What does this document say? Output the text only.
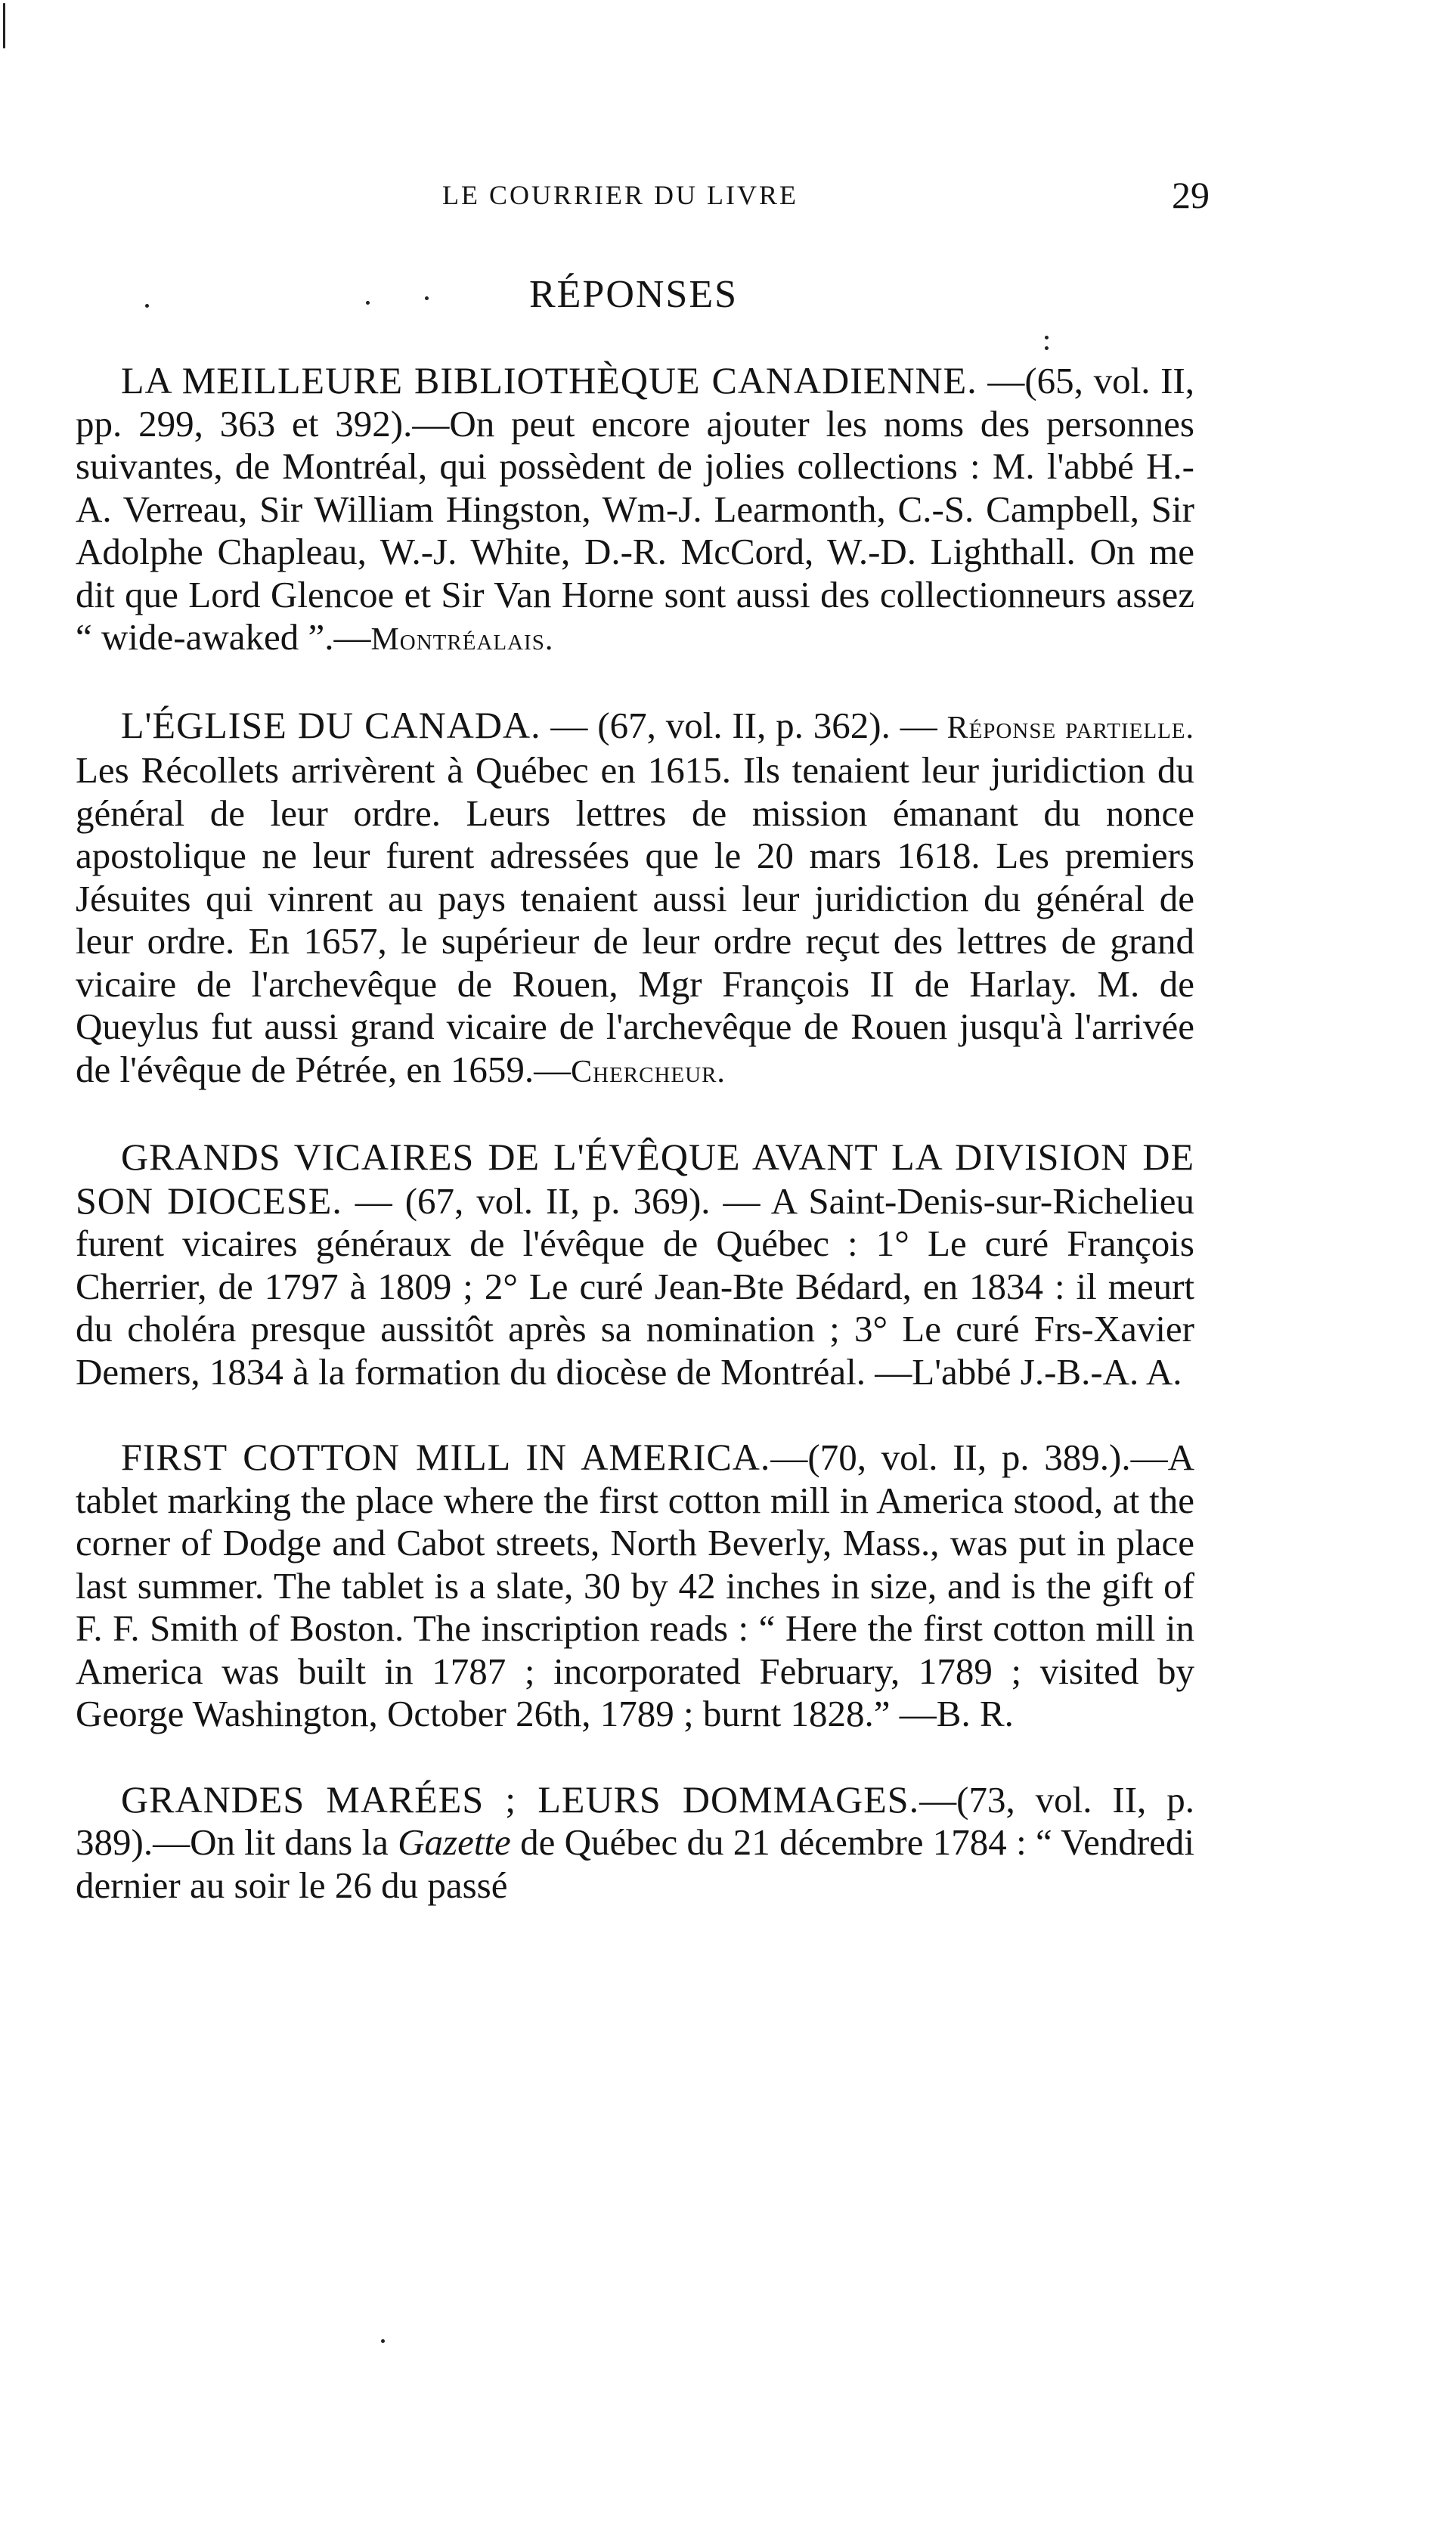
LE COURRIER DU LIVRE	29
RÉPONSES

LA MEILLEURE BIBLIOTHÈQUE CANADIENNE. —(65, vol. II, pp. 299, 363 et 392).—On peut encore ajouter les noms des personnes suivantes, de Montréal, qui possèdent de jolies collections : M. l'abbé H.-A. Verreau, Sir William Hingston, Wm-J. Learmonth, C.-S. Campbell, Sir Adolphe Chapleau, W.-J. White, D.-R. McCord, W.-D. Lighthall. On me dit que Lord Glencoe et Sir Van Horne sont aussi des collectionneurs assez “ wide-awaked ”.—Montréalais.

L'ÉGLISE DU CANADA. — (67, vol. II, p. 362). — Réponse partielle. Les Récollets arrivèrent à Québec en 1615. Ils tenaient leur juridiction du général de leur ordre. Leurs lettres de mission émanant du nonce apostolique ne leur furent adressées que le 20 mars 1618. Les premiers Jésuites qui vinrent au pays tenaient aussi leur juridiction du général de leur ordre. En 1657, le supérieur de leur ordre reçut des lettres de grand vicaire de l'archevêque de Rouen, Mgr François II de Harlay. M. de Queylus fut aussi grand vicaire de l'archevêque de Rouen jusqu'à l'arrivée de l'évêque de Pétrée, en 1659.—Chercheur.

GRANDS VICAIRES DE L'ÉVÊQUE AVANT LA DIVISION DE SON DIOCESE. — (67, vol. II, p. 369). — A Saint-Denis-sur-Richelieu furent vicaires généraux de l'évêque de Québec : 1° Le curé François Cherrier, de 1797 à 1809 ; 2° Le curé Jean-Bte Bédard, en 1834 : il meurt du choléra presque aussitôt après sa nomination ; 3° Le curé Frs-Xavier Demers, 1834 à la formation du diocèse de Montréal. —L'abbé J.-B.-A. A.

FIRST COTTON MILL IN AMERICA.—(70, vol. II, p. 389.).—A tablet marking the place where the first cotton mill in America stood, at the corner of Dodge and Cabot streets, North Beverly, Mass., was put in place last summer. The tablet is a slate, 30 by 42 inches in size, and is the gift of F. F. Smith of Boston. The inscription reads : “ Here the first cotton mill in America was built in 1787 ; incorporated February, 1789 ; visited by George Washington, October 26th, 1789 ; burnt 1828.” —B. R.

GRANDES MARÉES ; LEURS DOMMAGES.—(73, vol. II, p. 389).—On lit dans la Gazette de Québec du 21 décembre 1784 : “ Vendredi dernier au soir le 26 du passé
